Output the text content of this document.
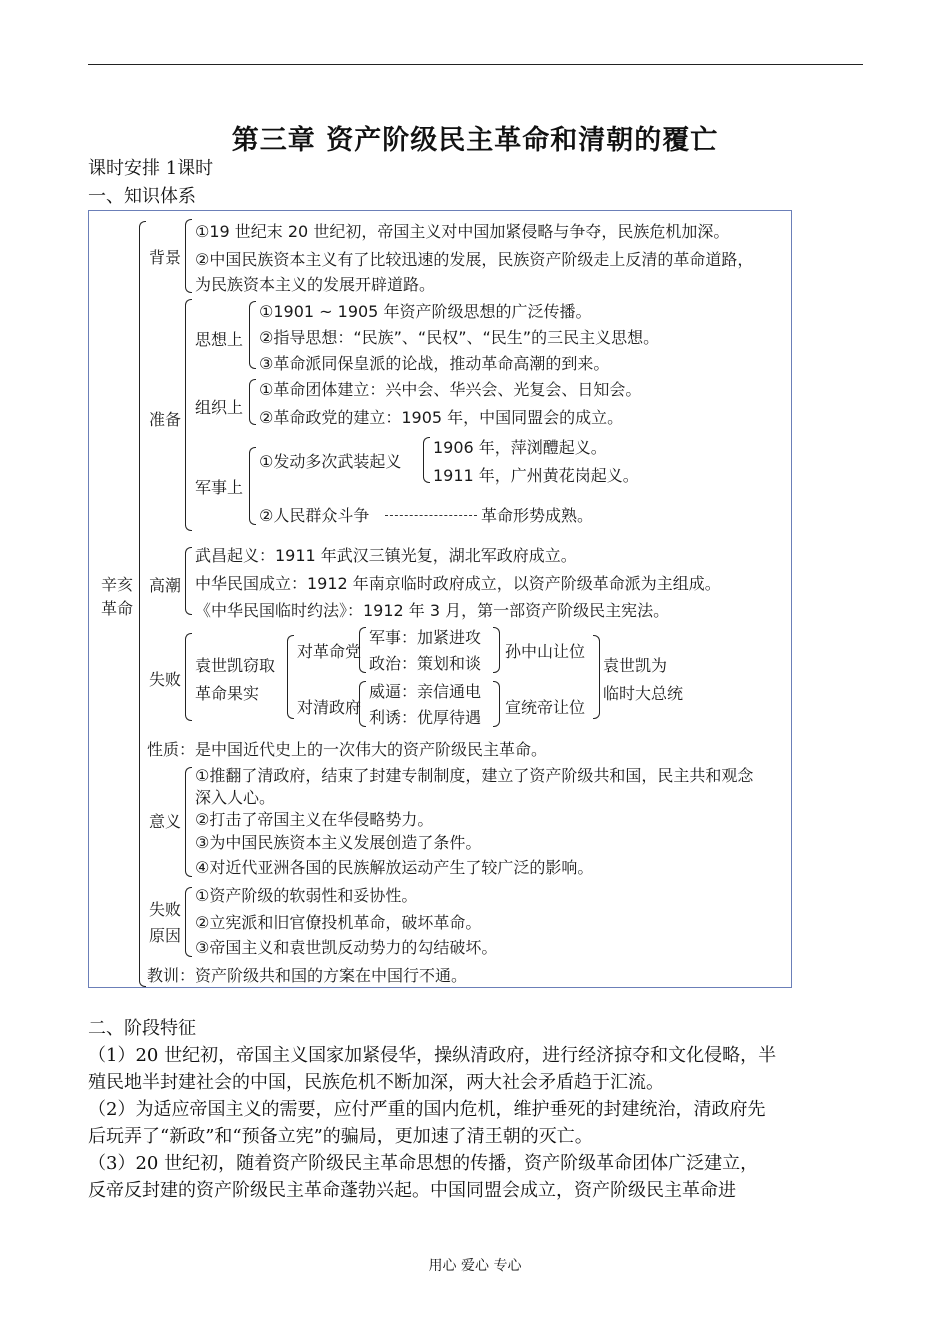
第三章 资产阶级民主革命和清朝的覆亡
课时安排 1课时
一、知识体系
辛亥
革命
背景
①19 世纪末 20 世纪初，帝国主义对中国加紧侵略与争夺，民族危机加深。
②中国民族资本主义有了比较迅速的发展，民族资产阶级走上反清的革命道路，
为民族资本主义的发展开辟道路。
准备
思想上
①1901 ~ 1905 年资产阶级思想的广泛传播。
②指导思想：“民族”、“民权”、“民生”的三民主义思想。
③革命派同保皇派的论战，推动革命高潮的到来。
组织上
①革命团体建立：兴中会、华兴会、光复会、日知会。
②革命政党的建立：1905 年，中国同盟会的成立。
军事上
①发动多次武装起义
1906 年，萍浏醴起义。
1911 年，广州黄花岗起义。
②人民群众斗争	革命形势成熟。
高潮
武昌起义：1911 年武汉三镇光复，湖北军政府成立。
中华民国成立：1912 年南京临时政府成立，以资产阶级革命派为主组成。
《中华民国临时约法》：1912 年 3 月，第一部资产阶级民主宪法。
失败
袁世凯窃取
革命果实
对革命党
军事：加紧进攻
政治：策划和谈
孙中山让位
对清政府
威逼：亲信通电
利诱：优厚待遇
宣统帝让位
袁世凯为
临时大总统
性质：是中国近代史上的一次伟大的资产阶级民主革命。
意义
①推翻了清政府，结束了封建专制制度，建立了资产阶级共和国，民主共和观念
深入人心。
②打击了帝国主义在华侵略势力。
③为中国民族资本主义发展创造了条件。
④对近代亚洲各国的民族解放运动产生了较广泛的影响。
失败
原因
①资产阶级的软弱性和妥协性。
②立宪派和旧官僚投机革命，破坏革命。
③帝国主义和袁世凯反动势力的勾结破坏。
教训：资产阶级共和国的方案在中国行不通。
二、阶段特征
（1）20 世纪初，帝国主义国家加紧侵华，操纵清政府，进行经济掠夺和文化侵略，半
殖民地半封建社会的中国，民族危机不断加深，两大社会矛盾趋于汇流。
（2）为适应帝国主义的需要，应付严重的国内危机，维护垂死的封建统治，清政府先
后玩弄了“新政”和“预备立宪”的骗局，更加速了清王朝的灭亡。
（3）20 世纪初，随着资产阶级民主革命思想的传播，资产阶级革命团体广泛建立，
反帝反封建的资产阶级民主革命蓬勃兴起。中国同盟会成立，资产阶级民主革命进
用心 爱心 专心
